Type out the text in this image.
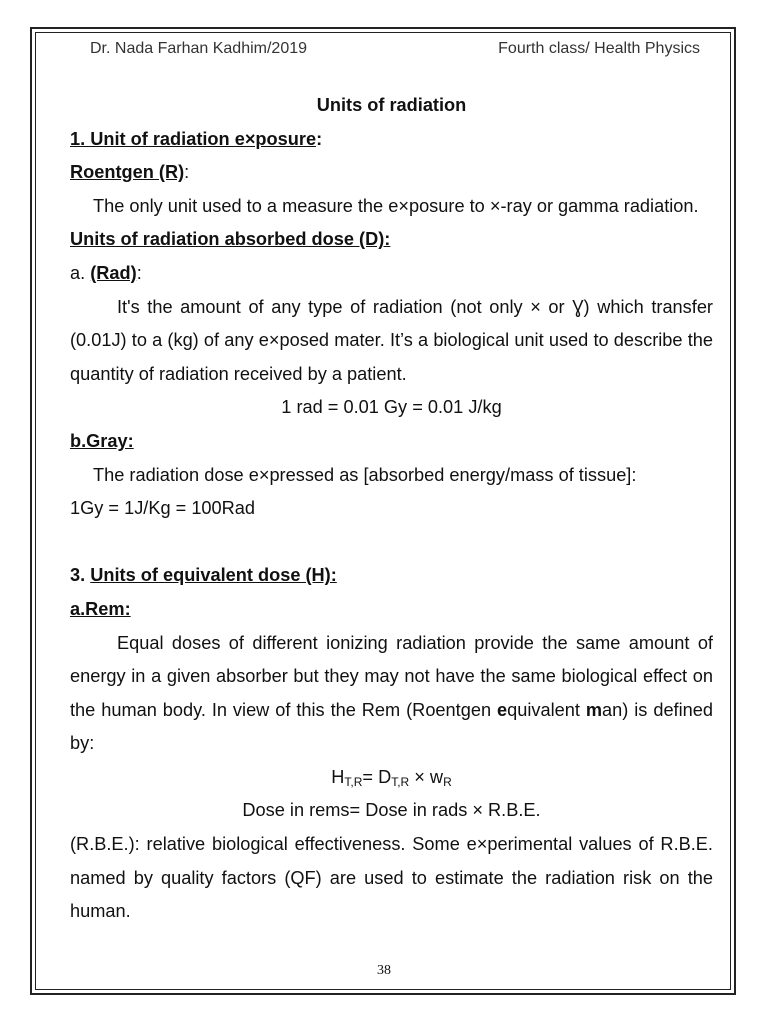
Dr. Nada Farhan Kadhim/2019	Fourth class/ Health Physics
Units of radiation
1. Unit of radiation e×posure:
Roentgen (R):
The only unit used to a measure the e×posure to ×-ray or gamma radiation.
Units of radiation absorbed dose (D):
a. (Rad):
It's the amount of any type of radiation (not only × or Ɣ) which transfer (0.01J) to a (kg) of any e×posed mater. It’s a biological unit used to describe the quantity of radiation received by a patient.
1 rad = 0.01 Gy = 0.01 J/kg
b.Gray:
The radiation dose e×pressed as [absorbed energy/mass of tissue]:
1Gy = 1J/Kg = 100Rad
3. Units of equivalent dose (H):
a.Rem:
Equal doses of different ionizing radiation provide the same amount of energy in a given absorber but they may not have the same biological effect on the human body. In view of this the Rem (Roentgen equivalent man) is defined by:
$H_{T,R}= D_{T,R} \times w_R$
Dose in rems= Dose in rads × R.B.E.
(R.B.E.): relative biological effectiveness. Some e×perimental values of R.B.E. named by quality factors (QF) are used to estimate the radiation risk on the human.
38
